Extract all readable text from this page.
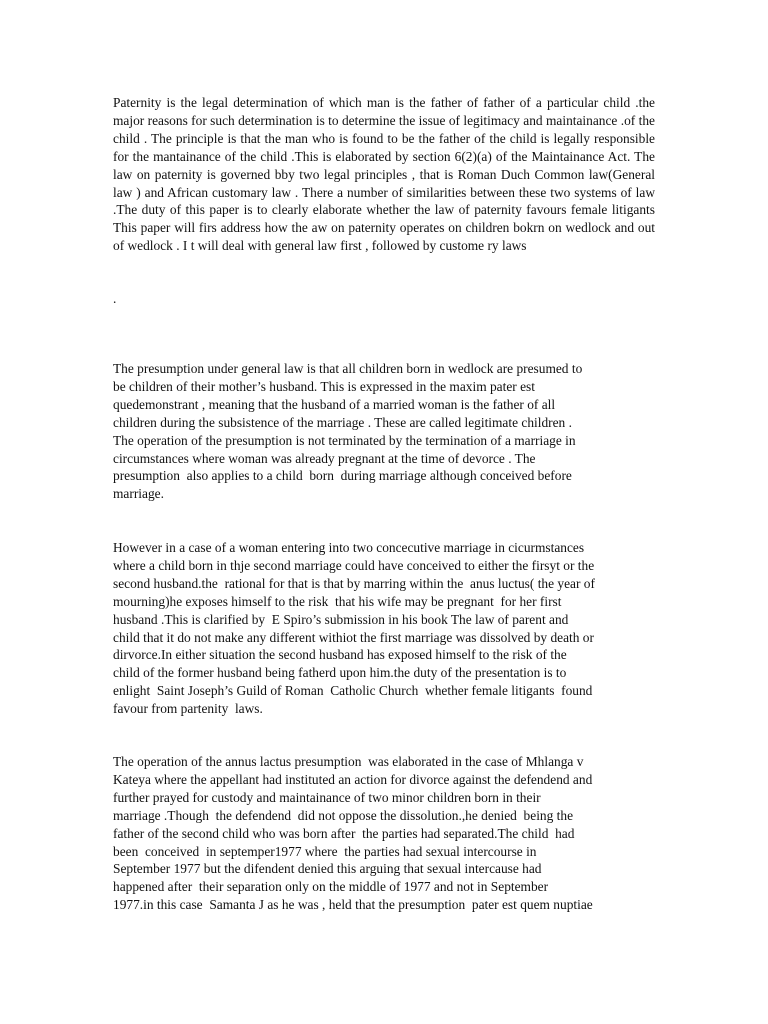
Paternity is the legal determination of which man is the father of father of a particular child .the major reasons for such determination is to determine the issue of legitimacy and maintainance .of the child . The principle is that the man who is found to be the father of the child is legally responsible for the mantainance of the child .This is elaborated by section 6(2)(a) of the Maintainance Act. The law on paternity is governed bby two legal principles , that is Roman Duch Common law(General law ) and African customary law . There a number of similarities between these two systems of law .The duty of this paper is to clearly elaborate whether the law of paternity favours female litigants This paper will firs address how the aw on paternity operates on children bokrn on wedlock and out of wedlock . I t will deal with general law first , followed by custome ry laws

.

The presumption under general law is that all children born in wedlock are presumed to
be children of their mother’s husband. This is expressed in the maxim pater est
quedemonstrant , meaning that the husband of a married woman is the father of all
children during the subsistence of the marriage . These are called legitimate children .
The operation of the presumption is not terminated by the termination of a marriage in
circumstances where woman was already pregnant at the time of devorce . The
presumption  also applies to a child  born  during marriage although conceived before
marriage.

However in a case of a woman entering into two concecutive marriage in cicurmstances
where a child born in thje second marriage could have conceived to either the firsyt or the
second husband.the  rational for that is that by marring within the  anus luctus( the year of
mourning)he exposes himself to the risk  that his wife may be pregnant  for her first
husband .This is clarified by  E Spiro’s submission in his book The law of parent and
child that it do not make any different withiot the first marriage was dissolved by death or
dirvorce.In either situation the second husband has exposed himself to the risk of the
child of the former husband being fatherd upon him.the duty of the presentation is to
enlight  Saint Joseph’s Guild of Roman  Catholic Church  whether female litigants  found
favour from partenity  laws.

The operation of the annus lactus presumption  was elaborated in the case of Mhlanga v
Kateya where the appellant had instituted an action for divorce against the defendend and
further prayed for custody and maintainance of two minor children born in their
marriage .Though  the defendend  did not oppose the dissolution.,he denied  being the
father of the second child who was born after  the parties had separated.The child  had
been  conceived  in septemper1977 where  the parties had sexual intercourse in
September 1977 but the difendent denied this arguing that sexual intercause had
happened after  their separation only on the middle of 1977 and not in September
1977.in this case  Samanta J as he was , held that the presumption  pater est quem nuptiae
